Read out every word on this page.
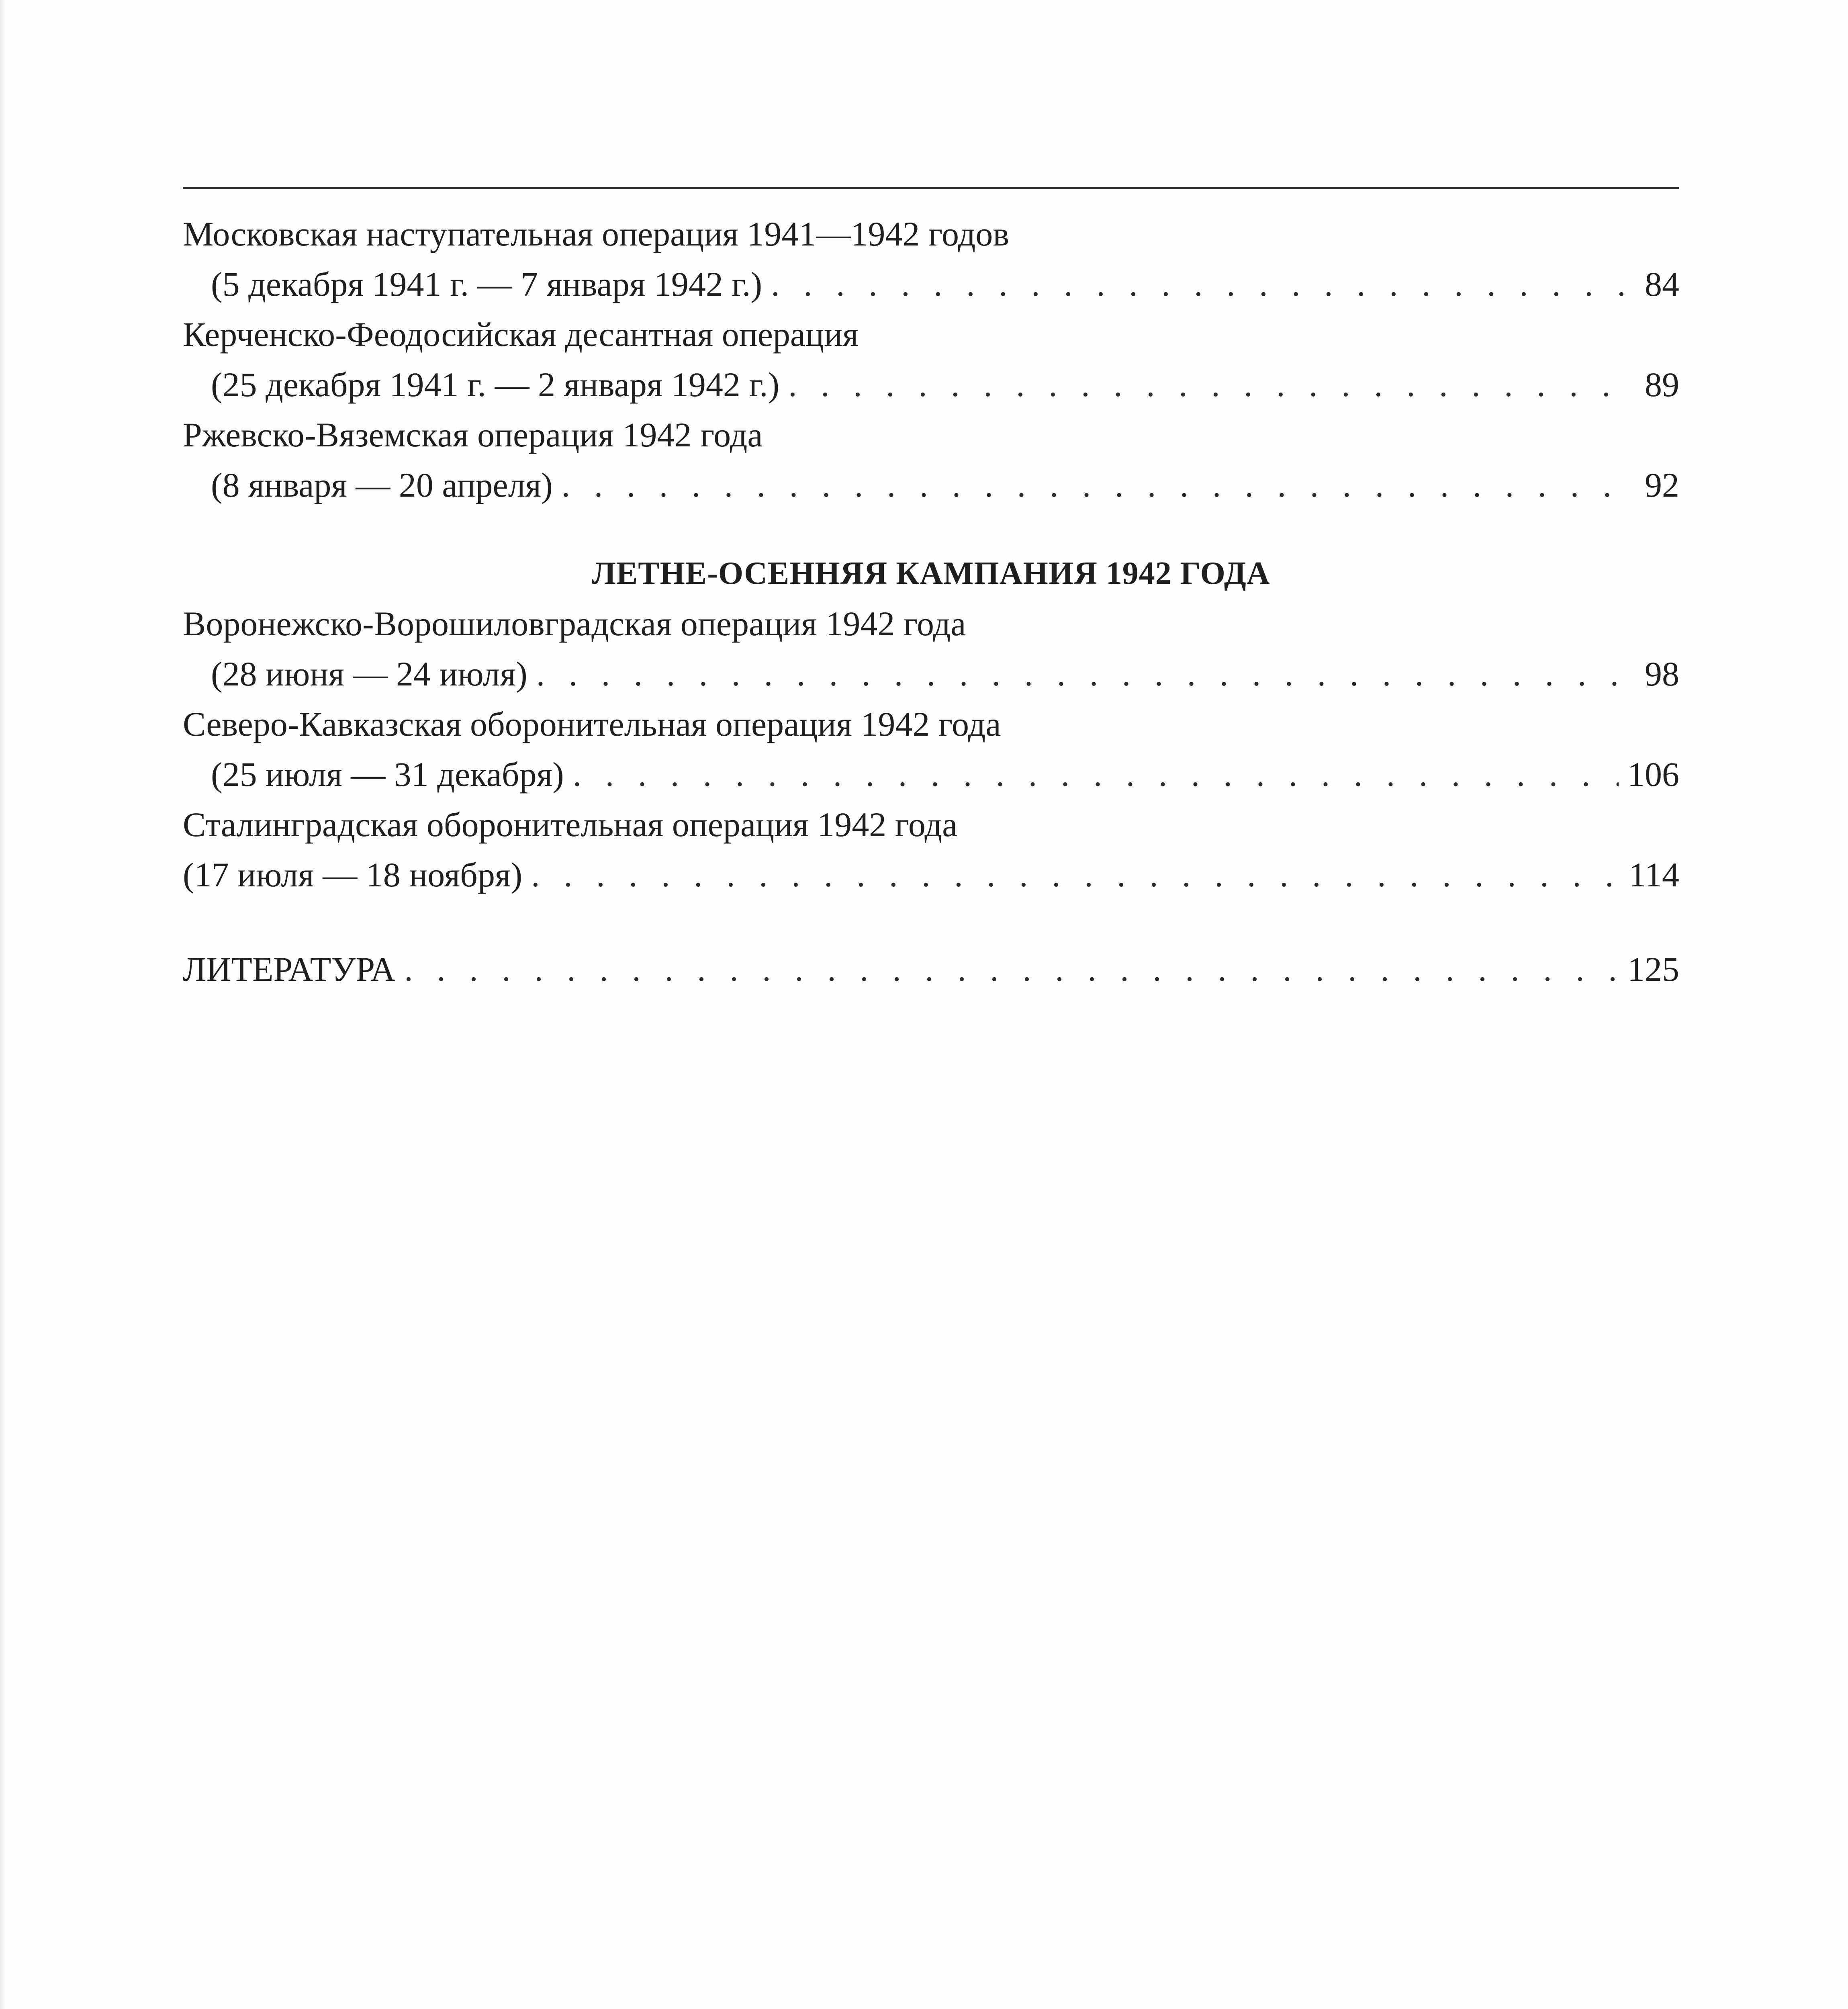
Московская наступательная операция 1941—1942 годов
(5 декабря 1941 г. — 7 января 1942 г.) . . .	84
Керченско-Феодосийская десантная операция
(25 декабря 1941 г. — 2 января 1942 г.) . . .	89
Ржевско-Вяземская операция 1942 года
(8 января — 20 апреля) . . .	92
ЛЕТНЕ-ОСЕННЯЯ КАМПАНИЯ 1942 ГОДА
Воронежско-Ворошиловградская операция 1942 года
(28 июня — 24 июля) . . .	98
Северо-Кавказская оборонительная операция 1942 года
(25 июля — 31 декабря) . . .	106
Сталинградская оборонительная операция 1942 года
(17 июля — 18 ноября) . . .	114
ЛИТЕРАТУРА . . .	125
